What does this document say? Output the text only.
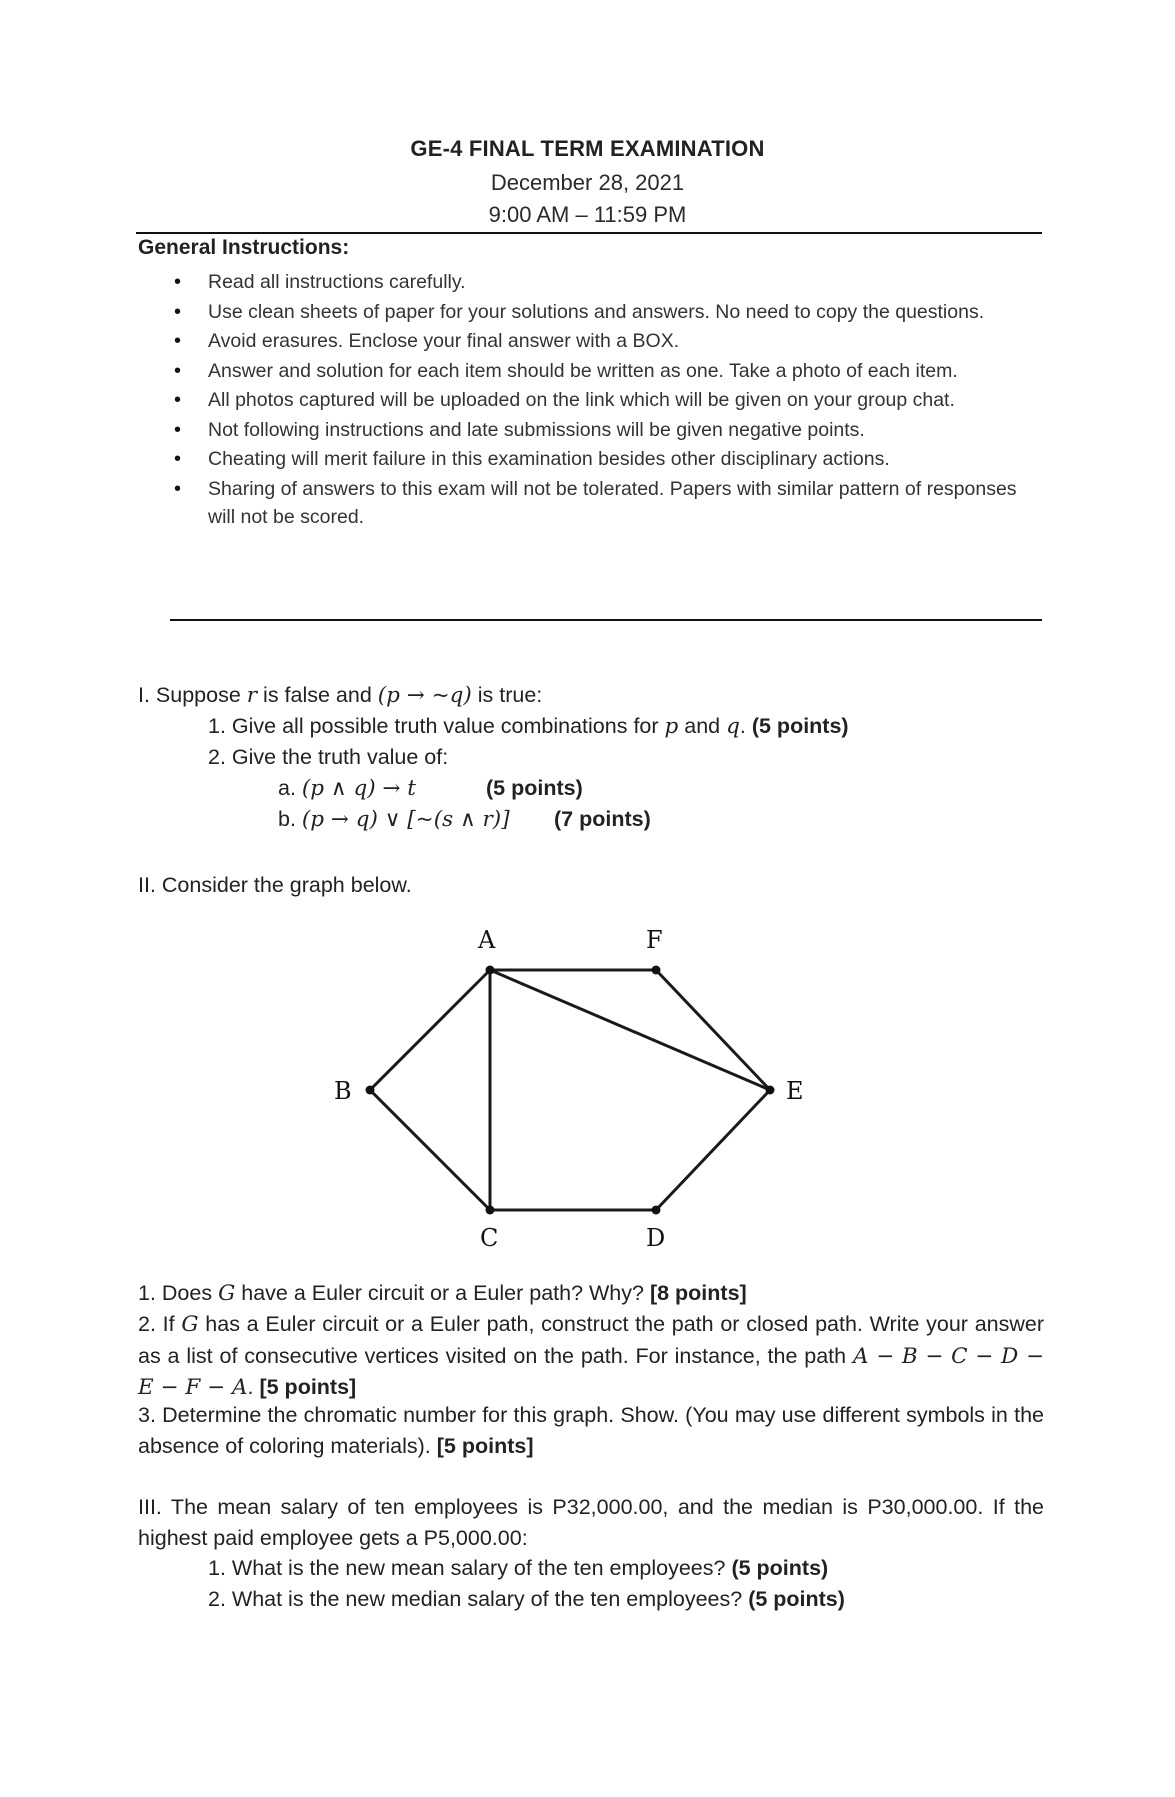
GE-4 FINAL TERM EXAMINATION
December 28, 2021
9:00 AM – 11:59 PM
General Instructions:
• Read all instructions carefully.
• Use clean sheets of paper for your solutions and answers. No need to copy the questions.
• Avoid erasures. Enclose your final answer with a BOX.
• Answer and solution for each item should be written as one. Take a photo of each item.
• All photos captured will be uploaded on the link which will be given on your group chat.
• Not following instructions and late submissions will be given negative points.
• Cheating will merit failure in this examination besides other disciplinary actions.
• Sharing of answers to this exam will not be tolerated. Papers with similar pattern of responses will not be scored.
I. Suppose r is false and (p → ~q) is true:
1. Give all possible truth value combinations for p and q. (5 points)
2. Give the truth value of:
a. (p ∧ q) → t	(5 points)
b. (p → q) ∨ [~(s ∧ r)] (7 points)
II. Consider the graph below.
A	F
B	E
C	D
1. Does G have a Euler circuit or a Euler path? Why? [8 points]
2. If G has a Euler circuit or a Euler path, construct the path or closed path. Write your answer as a list of consecutive vertices visited on the path. For instance, the path A − B − C − D − E − F − A. [5 points]
3. Determine the chromatic number for this graph. Show. (You may use different symbols in the absence of coloring materials). [5 points]
III. The mean salary of ten employees is P32,000.00, and the median is P30,000.00. If the highest paid employee gets a P5,000.00:
1. What is the new mean salary of the ten employees? (5 points)
2. What is the new median salary of the ten employees? (5 points)
